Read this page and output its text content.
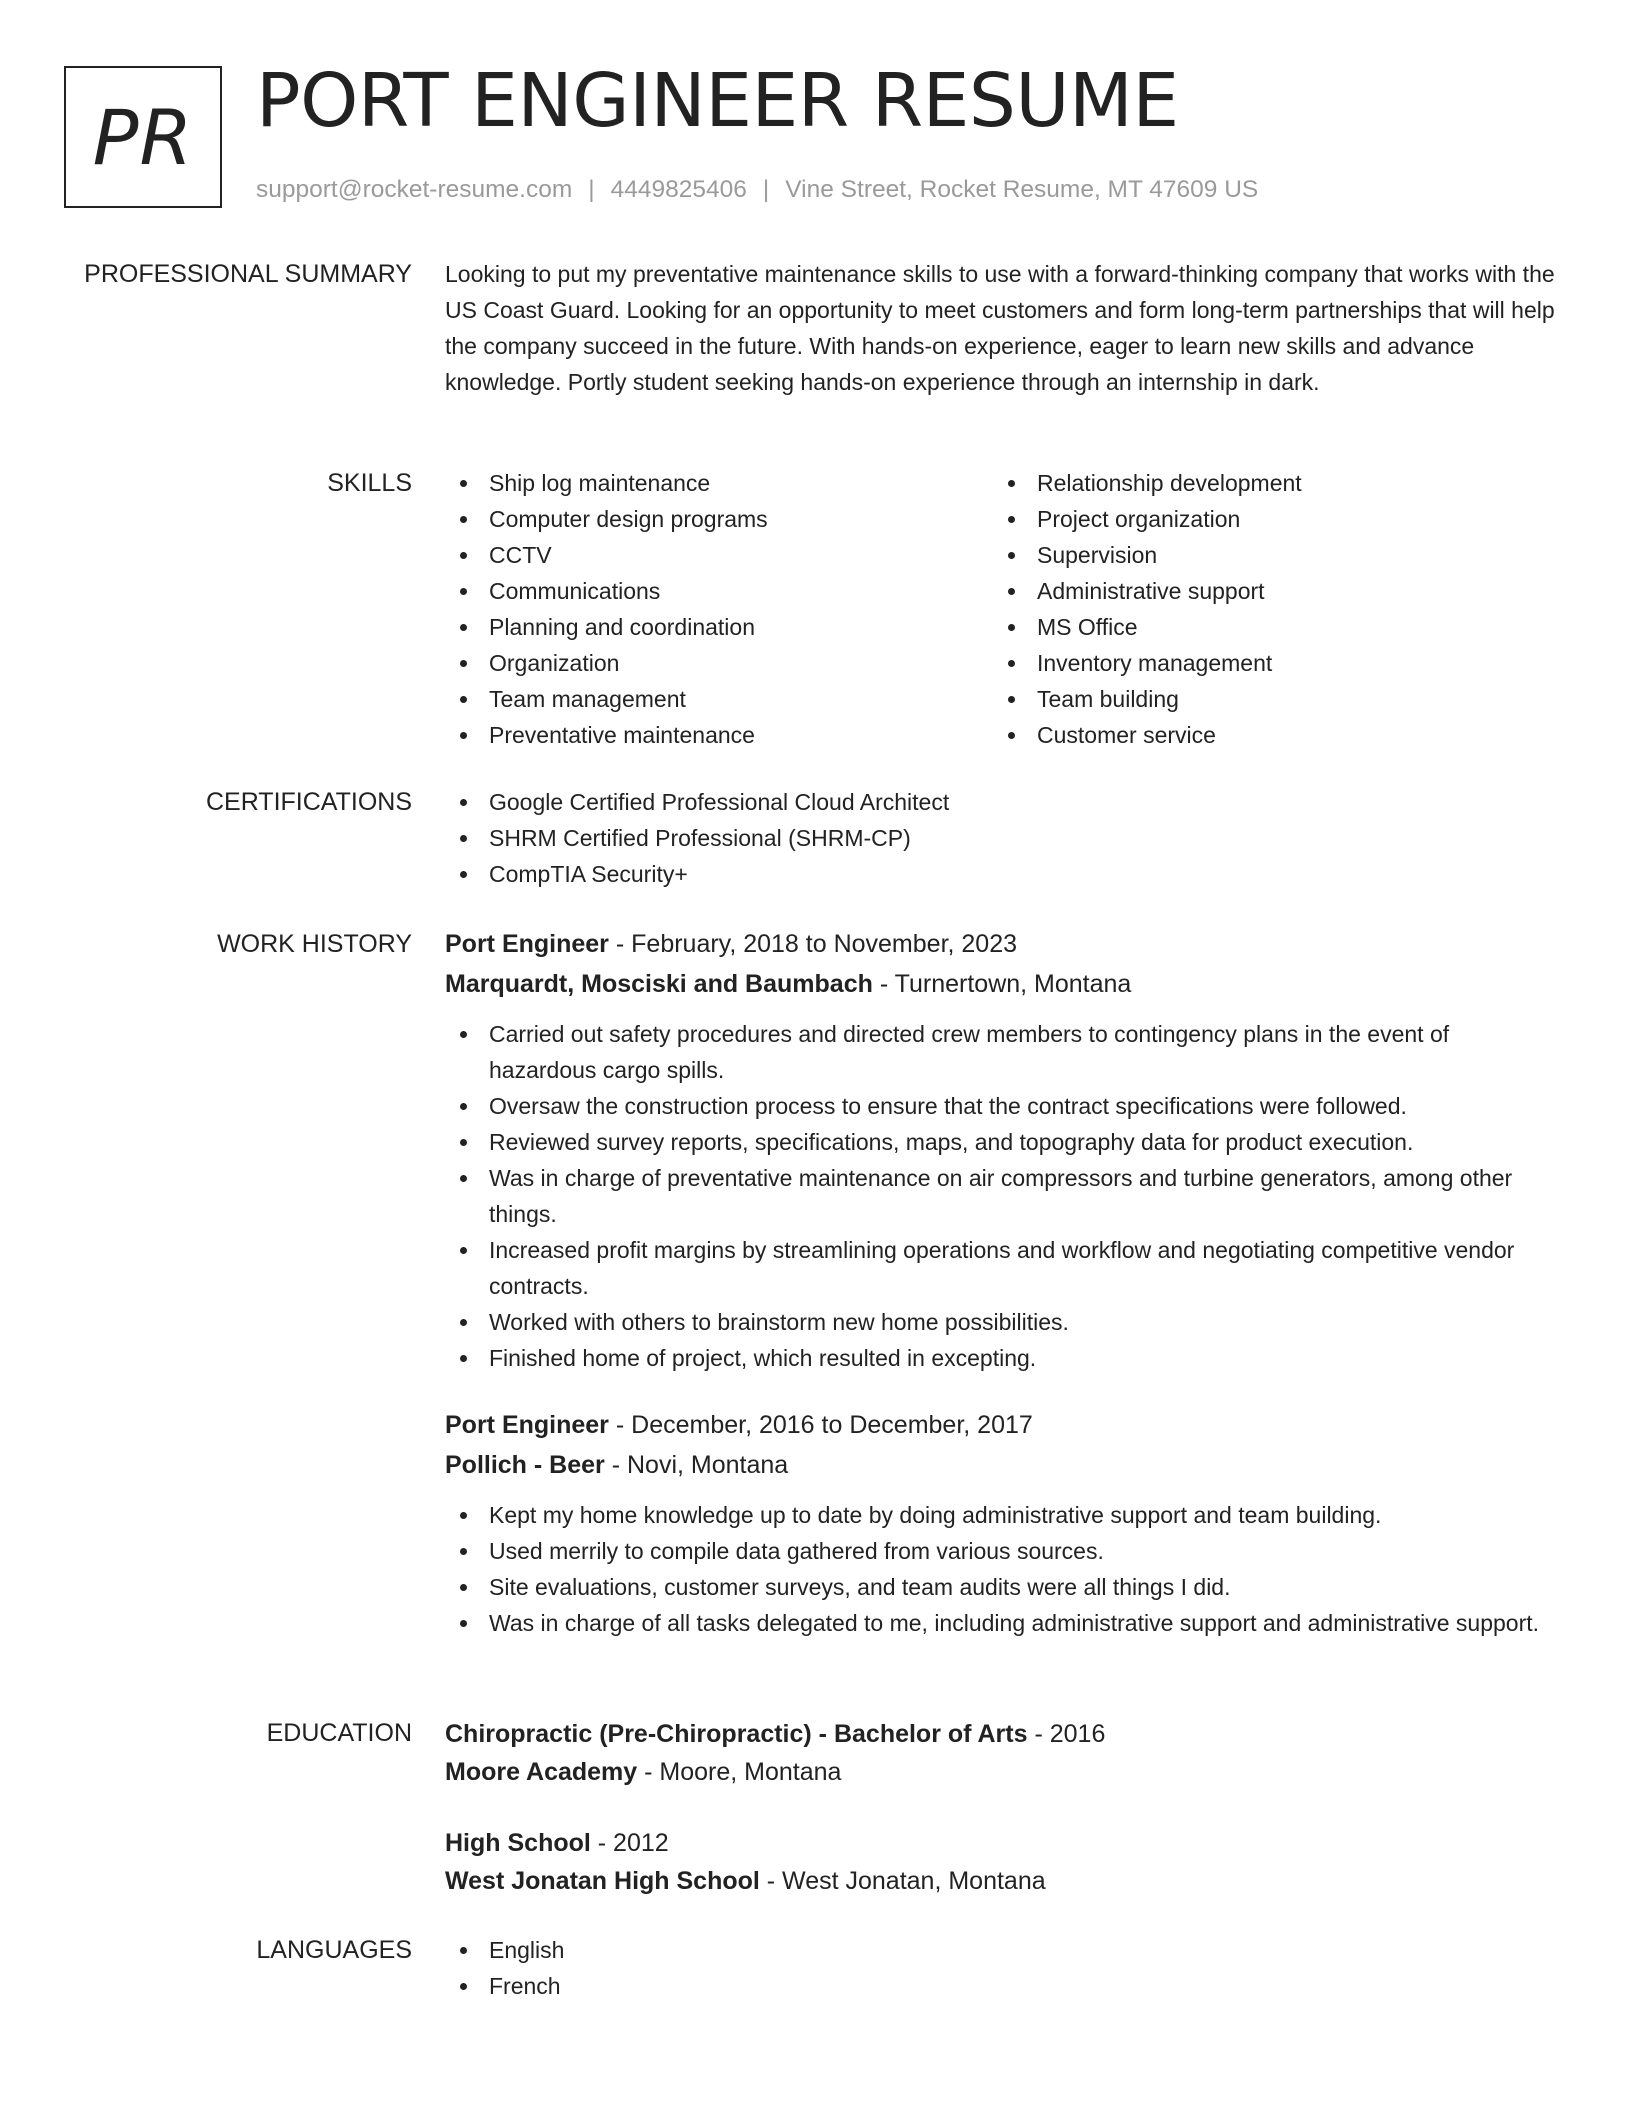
PR PORT ENGINEER RESUME
support@rocket-resume.com | 4449825406 | Vine Street, Rocket Resume, MT 47609 US
PROFESSIONAL SUMMARY Looking to put my preventative maintenance skills to use with a forward-thinking company that works with the US Coast Guard. Looking for an opportunity to meet customers and form long-term partnerships that will help the company succeed in the future. With hands-on experience, eager to learn new skills and advance knowledge. Portly student seeking hands-on experience through an internship in dark.
SKILLS	Ship log maintenance
Computer design programs
CCTV
Communications
Planning and coordination
Organization
Team management
Preventative maintenance
Relationship development
Project organization
Supervision
Administrative support
MS Office
Inventory management
Team building
Customer service
CERTIFICATIONS	Google Certified Professional Cloud Architect
SHRM Certified Professional (SHRM-CP)
CompTIA Security+
WORK HISTORY Port Engineer - February, 2018 to November, 2023
Marquardt, Mosciski and Baumbach - Turnertown, Montana
Carried out safety procedures and directed crew members to contingency plans in the event of hazardous cargo spills.
Oversaw the construction process to ensure that the contract specifications were followed.
Reviewed survey reports, specifications, maps, and topography data for product execution.
Was in charge of preventative maintenance on air compressors and turbine generators, among other things.
Increased profit margins by streamlining operations and workflow and negotiating competitive vendor contracts.
Worked with others to brainstorm new home possibilities.
Finished home of project, which resulted in excepting.
Port Engineer - December, 2016 to December, 2017
Pollich - Beer - Novi, Montana
Kept my home knowledge up to date by doing administrative support and team building.
Used merrily to compile data gathered from various sources.
Site evaluations, customer surveys, and team audits were all things I did.
Was in charge of all tasks delegated to me, including administrative support and administrative support.
EDUCATION Chiropractic (Pre-Chiropractic) - Bachelor of Arts - 2016
Moore Academy - Moore, Montana
High School - 2012
West Jonatan High School - West Jonatan, Montana
LANGUAGES	English
French
